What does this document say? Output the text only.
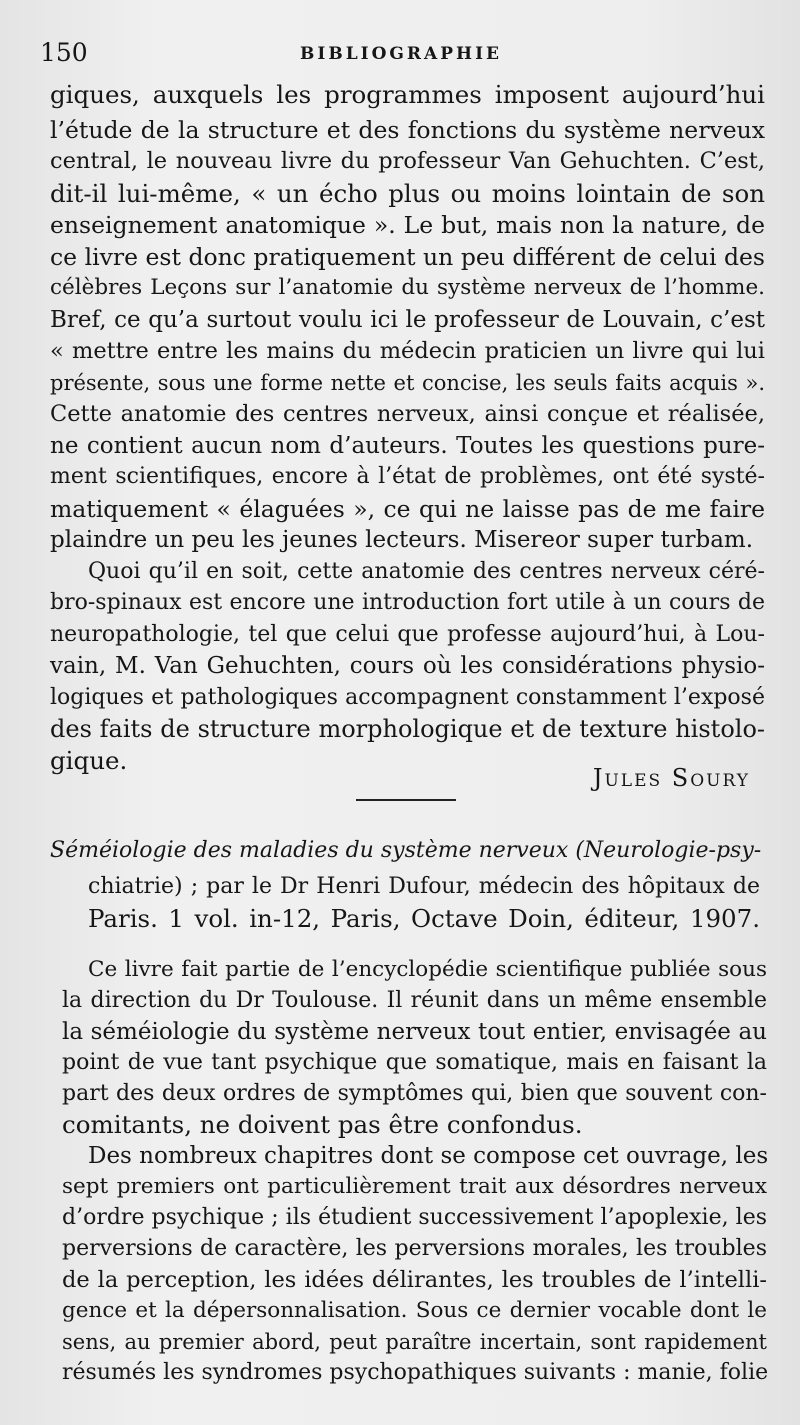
150	BIBLIOGRAPHIE
giques, auxquels les programmes imposent aujourd’hui
l’étude de la structure et des fonctions du système nerveux
central, le nouveau livre du professeur Van Gehuchten. C’est,
dit-il lui-même, « un écho plus ou moins lointain de son
enseignement anatomique ». Le but, mais non la nature, de
ce livre est donc pratiquement un peu différent de celui des
célèbres Leçons sur l’anatomie du système nerveux de l’homme.
Bref, ce qu’a surtout voulu ici le professeur de Louvain, c’est
« mettre entre les mains du médecin praticien un livre qui lui
présente, sous une forme nette et concise, les seuls faits acquis ».
Cette anatomie des centres nerveux, ainsi conçue et réalisée,
ne contient aucun nom d’auteurs. Toutes les questions pure-
ment scientifiques, encore à l’état de problèmes, ont été systé-
matiquement « élaguées », ce qui ne laisse pas de me faire
plaindre un peu les jeunes lecteurs. Misereor super turbam.
Quoi qu’il en soit, cette anatomie des centres nerveux céré-
bro-spinaux est encore une introduction fort utile à un cours de
neuropathologie, tel que celui que professe aujourd’hui, à Lou-
vain, M. Van Gehuchten, cours où les considérations physio-
logiques et pathologiques accompagnent constamment l’exposé
des faits de structure morphologique et de texture histolo-
gique.
Jules Soury
Séméiologie des maladies du système nerveux (Neurologie-psy-
chiatrie) ; par le Dr Henri Dufour, médecin des hôpitaux de
Paris. 1 vol. in-12, Paris, Octave Doin, éditeur, 1907.
Ce livre fait partie de l’encyclopédie scientifique publiée sous
la direction du Dr Toulouse. Il réunit dans un même ensemble
la séméiologie du système nerveux tout entier, envisagée au
point de vue tant psychique que somatique, mais en faisant la
part des deux ordres de symptômes qui, bien que souvent con-
comitants, ne doivent pas être confondus.
Des nombreux chapitres dont se compose cet ouvrage, les
sept premiers ont particulièrement trait aux désordres nerveux
d’ordre psychique ; ils étudient successivement l’apoplexie, les
perversions de caractère, les perversions morales, les troubles
de la perception, les idées délirantes, les troubles de l’intelli-
gence et la dépersonnalisation. Sous ce dernier vocable dont le
sens, au premier abord, peut paraître incertain, sont rapidement
résumés les syndromes psychopathiques suivants : manie, folie
